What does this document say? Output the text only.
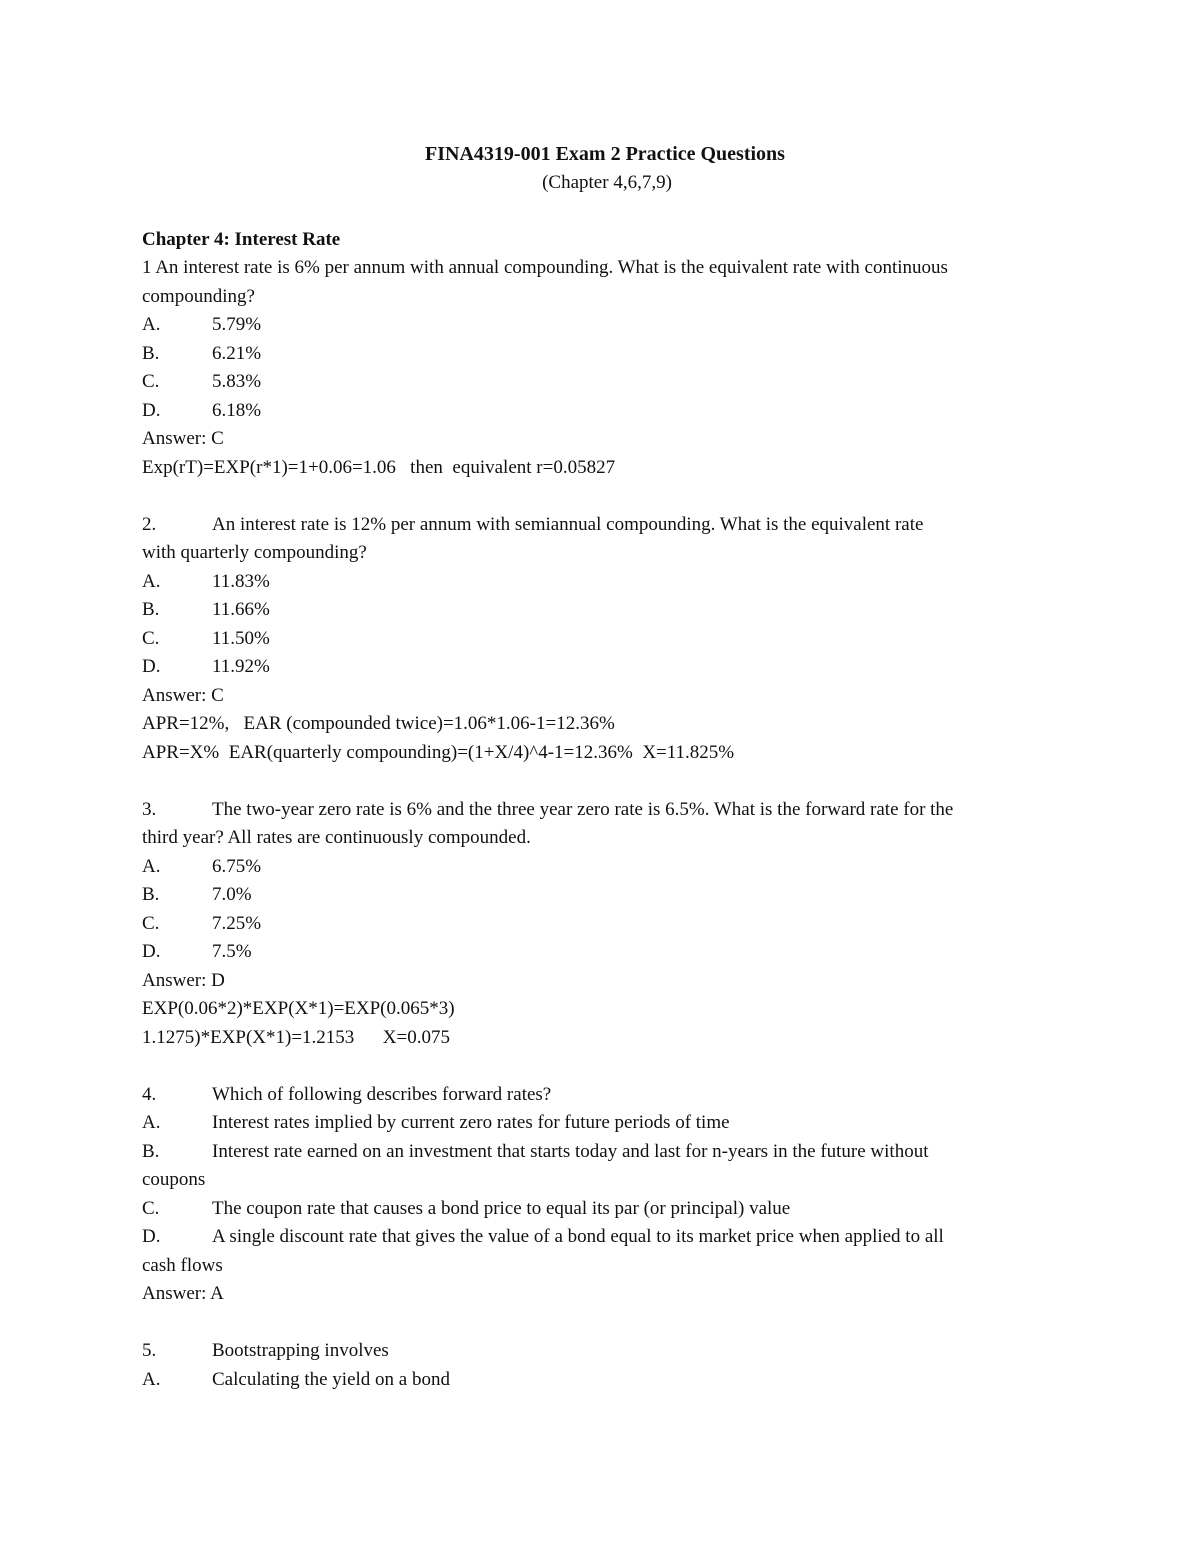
FINA4319-001 Exam 2 Practice Questions
(Chapter 4,6,7,9)
Chapter 4: Interest Rate
1 An interest rate is 6% per annum with annual compounding. What is the equivalent rate with continuous
compounding?
A.	5.79%
B.	6.21%
C.	5.83%
D.	6.18%
Answer: C
Exp(rT)=EXP(r*1)=1+0.06=1.06   then  equivalent r=0.05827
2.	An interest rate is 12% per annum with semiannual compounding. What is the equivalent rate
with quarterly compounding?
A.	11.83%
B.	11.66%
C.	11.50%
D.	11.92%
Answer: C
APR=12%,   EAR (compounded twice)=1.06*1.06-1=12.36%
APR=X%  EAR(quarterly compounding)=(1+X/4)^4-1=12.36%  X=11.825%
3.	The two-year zero rate is 6% and the three year zero rate is 6.5%. What is the forward rate for the
third year? All rates are continuously compounded.
A.	6.75%
B.	7.0%
C.	7.25%
D.	7.5%
Answer: D
EXP(0.06*2)*EXP(X*1)=EXP(0.065*3)
1.1275)*EXP(X*1)=1.2153      X=0.075
4.	Which of following describes forward rates?
A.	Interest rates implied by current zero rates for future periods of time
B.	Interest rate earned on an investment that starts today and last for n-years in the future without
coupons
C.	The coupon rate that causes a bond price to equal its par (or principal) value
D.	A single discount rate that gives the value of a bond equal to its market price when applied to all
cash flows
Answer: A
5.	Bootstrapping involves
A.	Calculating the yield on a bond
